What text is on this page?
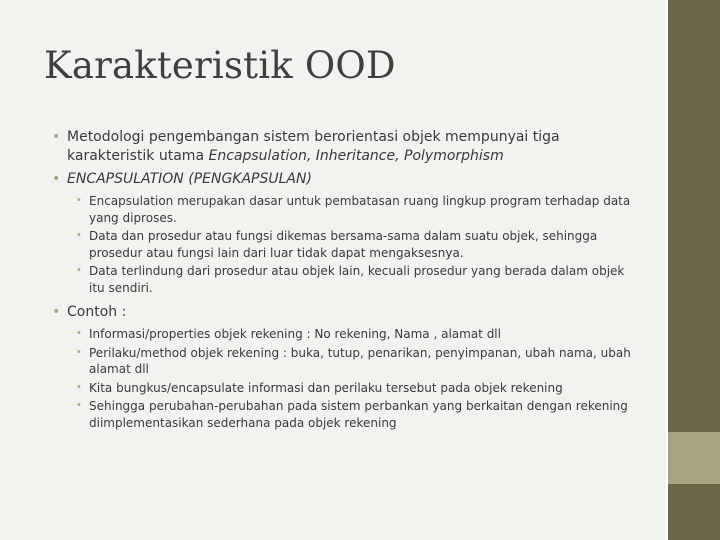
Karakteristik OOD
• Metodologi pengembangan sistem berorientasi objek mempunyai tiga karakteristik utama Encapsulation, Inheritance, Polymorphism
• ENCAPSULATION (PENGKAPSULAN)
• Encapsulation merupakan dasar untuk pembatasan ruang lingkup program terhadap data yang diproses.
• Data dan prosedur atau fungsi dikemas bersama-sama dalam suatu objek, sehingga prosedur atau fungsi lain dari luar tidak dapat mengaksesnya.
• Data terlindung dari prosedur atau objek lain, kecuali prosedur yang berada dalam objek itu sendiri.
• Contoh :
• Informasi/properties objek rekening : No rekening, Nama , alamat dll
• Perilaku/method objek rekening : buka, tutup, penarikan, penyimpanan, ubah nama, ubah alamat dll
• Kita bungkus/encapsulate informasi dan perilaku tersebut pada objek rekening
• Sehingga perubahan-perubahan pada sistem perbankan yang berkaitan dengan rekening diimplementasikan sederhana pada objek rekening
